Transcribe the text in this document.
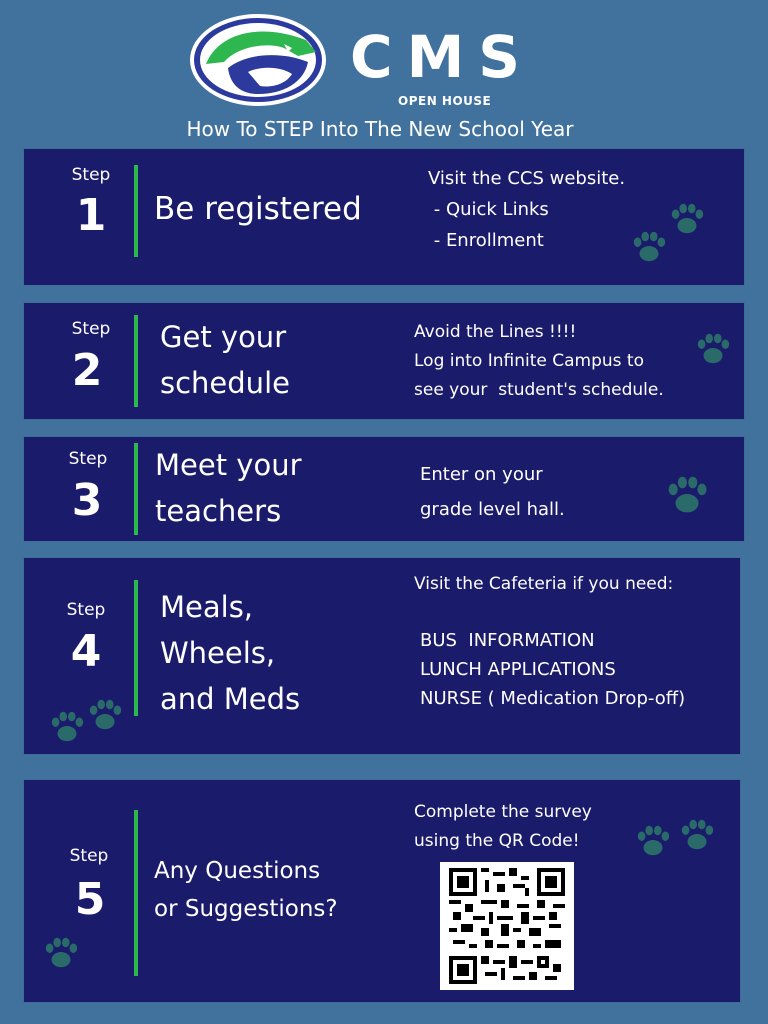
CMS
OPEN HOUSE
How To STEP Into The New School Year
Step
1	Be registered
Visit the CCS website.
- Quick Links
- Enrollment
Step
2
Get your
schedule
Avoid the Lines !!!!
Log into Infinite Campus to
see your  student's schedule.
Step
3
Meet your
teachers
Enter on your
grade level hall.
Step
4
Meals,
Wheels,
and Meds
Visit the Cafeteria if you need:
BUS  INFORMATION
LUNCH APPLICATIONS
NURSE ( Medication Drop-off)
Step
5
Any Questions
or Suggestions?
Complete the survey
using the QR Code!
